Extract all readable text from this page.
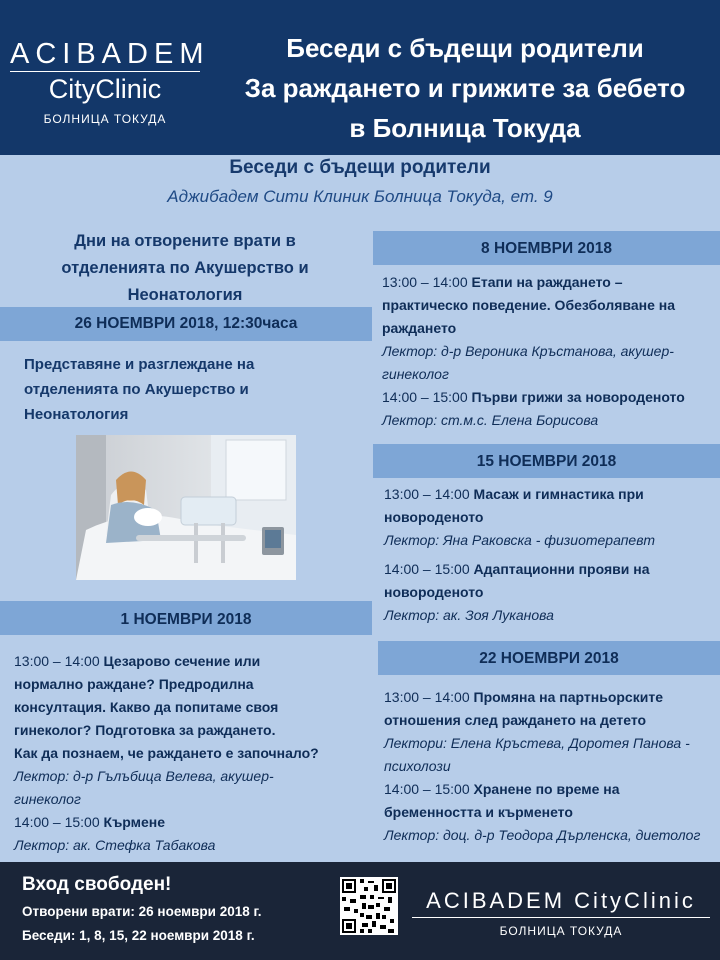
ACIBADEM
CityClinic
БОЛНИЦА ТОКУДА
Беседи с бъдещи родители
За раждането и грижите за бебето
в Болница Токуда
Беседи с бъдещи родители
Аджибадем Сити Клиник Болница Токуда, ет. 9
Дни на отворените врати в
отделенията по Акушерство и
Неонатология
26 НОЕМВРИ 2018, 12:30часа
Представяне и разглеждане на
отделенията по Акушерство и
Неонатология
1 НОЕМВРИ 2018
13:00 – 14:00 Цезарово сечение или
нормално раждане? Предродилна
консултация. Какво да попитаме своя
гинеколог? Подготовка за раждането.
Как да познаем, че раждането е започнало?
Лектор: д-р Гълъбица Велева, акушер-
гинеколог
14:00 – 15:00 Кърмене
Лектор: ак. Стефка Табакова
8 НОЕМВРИ 2018
13:00 – 14:00 Етапи на раждането –
практическо поведение. Обезболяване на
раждането
Лектор: д-р Вероника Кръстанова, акушер-
гинеколог
14:00 – 15:00 Първи грижи за новороденото
Лектор: ст.м.с. Елена Борисова
15 НОЕМВРИ 2018
13:00 – 14:00 Масаж и гимнастика при
новороденото
Лектор: Яна Раковска - физиотерапевт
14:00 – 15:00 Адаптационни прояви на
новороденото
Лектор: ак. Зоя Луканова
22 НОЕМВРИ 2018
13:00 – 14:00 Промяна на партньорските
отношения след раждането на детето
Лектори: Елена Кръстева, Доротея Панова -
психолози
14:00 – 15:00 Хранене по време на
бременността и кърменето
Лектор: доц. д-р Теодора Дърленска, диетолог
Вход свободен!
Отворени врати: 26 ноември 2018 г.
Беседи: 1, 8, 15, 22 ноември 2018 г.
ACIBADEM CityClinic
БОЛНИЦА ТОКУДА
